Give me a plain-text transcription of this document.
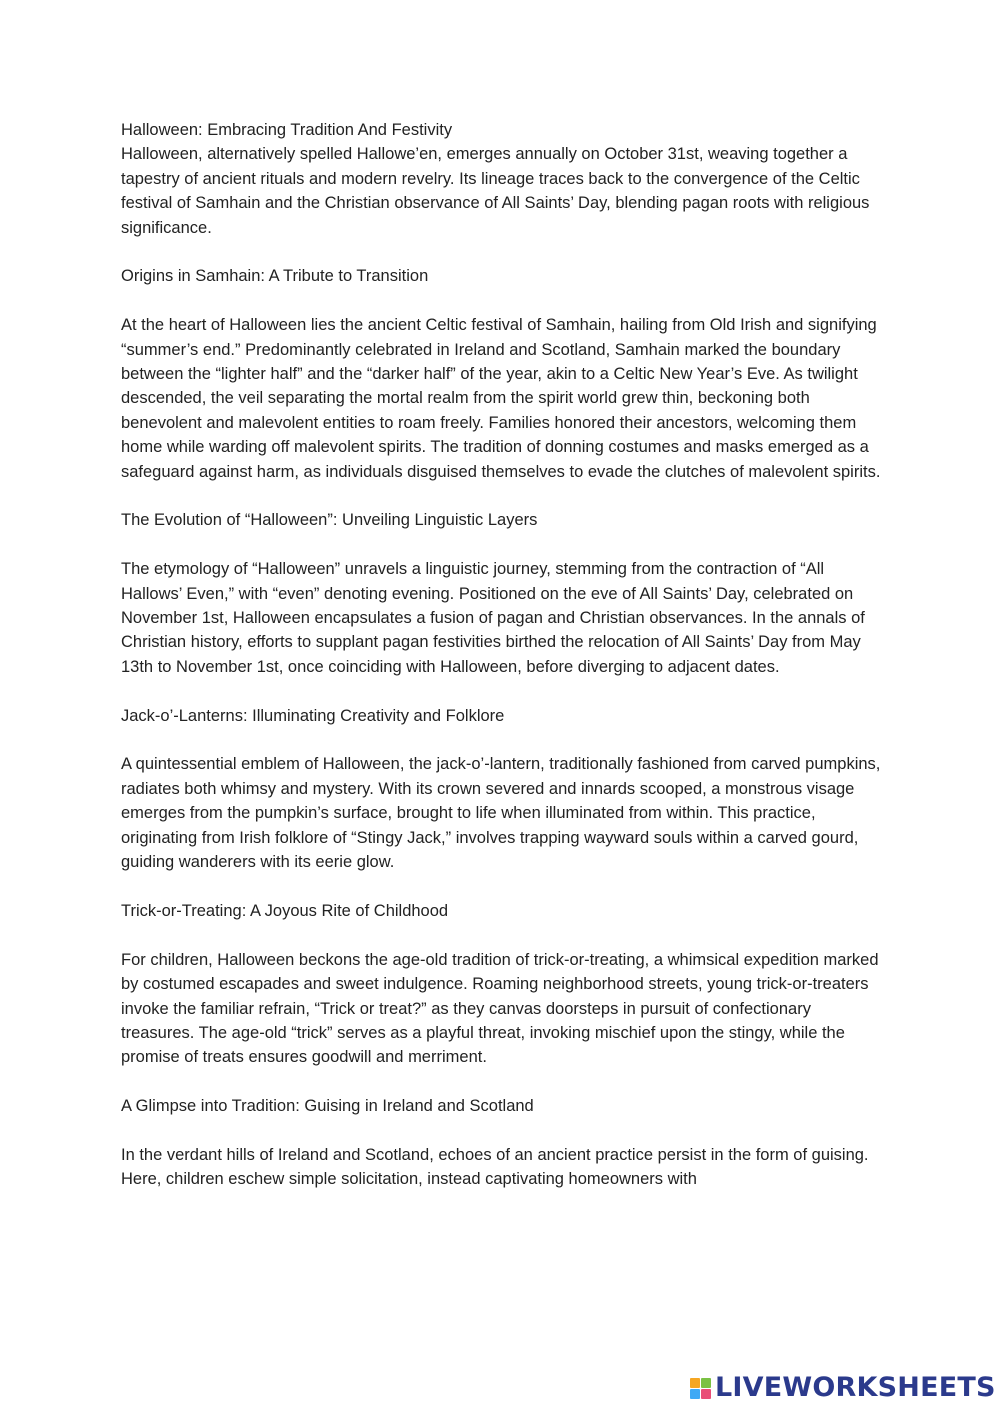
Halloween: Embracing Tradition And Festivity

Halloween, alternatively spelled Hallowe’en, emerges annually on October 31st, weaving together a tapestry of ancient rituals and modern revelry. Its lineage traces back to the convergence of the Celtic festival of Samhain and the Christian observance of All Saints’ Day, blending pagan roots with religious significance.

Origins in Samhain: A Tribute to Transition

At the heart of Halloween lies the ancient Celtic festival of Samhain, hailing from Old Irish and signifying “summer’s end.” Predominantly celebrated in Ireland and Scotland, Samhain marked the boundary between the “lighter half” and the “darker half” of the year, akin to a Celtic New Year’s Eve. As twilight descended, the veil separating the mortal realm from the spirit world grew thin, beckoning both benevolent and malevolent entities to roam freely. Families honored their ancestors, welcoming them home while warding off malevolent spirits. The tradition of donning costumes and masks emerged as a safeguard against harm, as individuals disguised themselves to evade the clutches of malevolent spirits.

The Evolution of “Halloween”: Unveiling Linguistic Layers

The etymology of “Halloween” unravels a linguistic journey, stemming from the contraction of “All Hallows’ Even,” with “even” denoting evening. Positioned on the eve of All Saints’ Day, celebrated on November 1st, Halloween encapsulates a fusion of pagan and Christian observances. In the annals of Christian history, efforts to supplant pagan festivities birthed the relocation of All Saints’ Day from May 13th to November 1st, once coinciding with Halloween, before diverging to adjacent dates.

Jack-o’-Lanterns: Illuminating Creativity and Folklore

A quintessential emblem of Halloween, the jack-o’-lantern, traditionally fashioned from carved pumpkins, radiates both whimsy and mystery. With its crown severed and innards scooped, a monstrous visage emerges from the pumpkin’s surface, brought to life when illuminated from within. This practice, originating from Irish folklore of “Stingy Jack,” involves trapping wayward souls within a carved gourd, guiding wanderers with its eerie glow.

Trick-or-Treating: A Joyous Rite of Childhood

For children, Halloween beckons the age-old tradition of trick-or-treating, a whimsical expedition marked by costumed escapades and sweet indulgence. Roaming neighborhood streets, young trick-or-treaters invoke the familiar refrain, “Trick or treat?” as they canvas doorsteps in pursuit of confectionary treasures. The age-old “trick” serves as a playful threat, invoking mischief upon the stingy, while the promise of treats ensures goodwill and merriment.

A Glimpse into Tradition: Guising in Ireland and Scotland

In the verdant hills of Ireland and Scotland, echoes of an ancient practice persist in the form of guising. Here, children eschew simple solicitation, instead captivating homeowners with

LIVEWORKSHEETS
